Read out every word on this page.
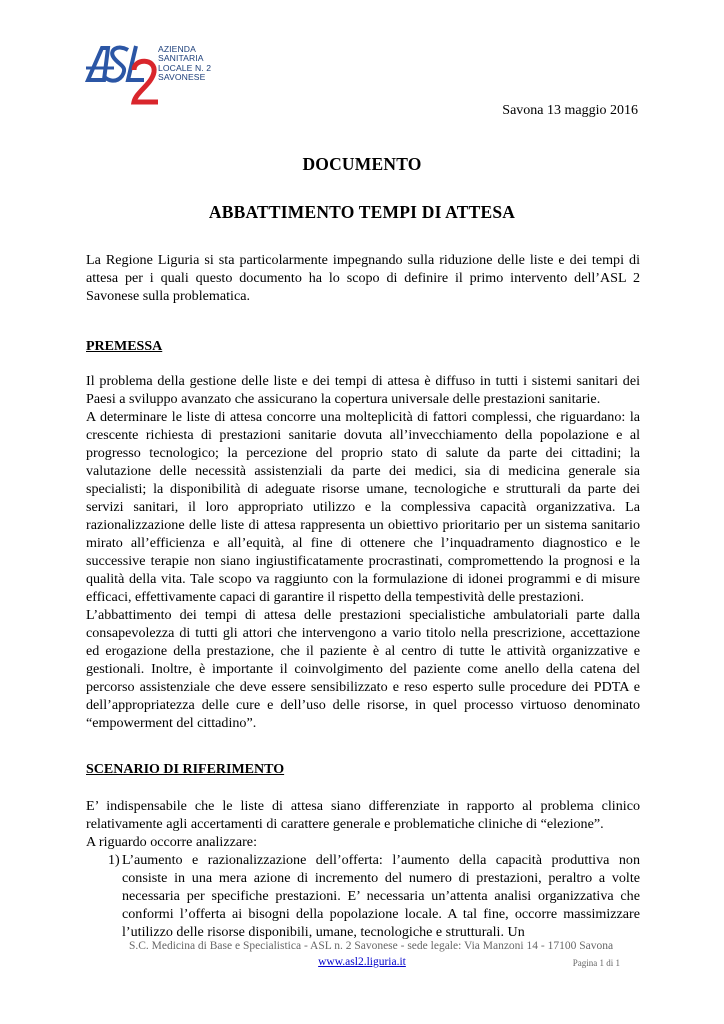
AZIENDA
SANITARIA
LOCALE N. 2
SAVONESE
Savona 13 maggio 2016
DOCUMENTO
ABBATTIMENTO TEMPI DI ATTESA

La Regione Liguria si sta particolarmente impegnando sulla riduzione delle liste e dei tempi di attesa per i quali questo documento ha lo scopo di definire il primo intervento dell’ASL 2 Savonese sulla problematica.

PREMESSA

Il problema della gestione delle liste e dei tempi di attesa è diffuso in tutti i sistemi sanitari dei Paesi a sviluppo avanzato che assicurano la copertura universale delle prestazioni sanitarie.

A determinare le liste di attesa concorre una molteplicità di fattori complessi, che riguardano: la crescente richiesta di prestazioni sanitarie dovuta all’invecchiamento della popolazione e al progresso tecnologico; la percezione del proprio stato di salute da parte dei cittadini; la valutazione delle necessità assistenziali da parte dei medici, sia di medicina generale sia specialisti; la disponibilità di adeguate risorse umane, tecnologiche e strutturali da parte dei servizi sanitari, il loro appropriato utilizzo e la complessiva capacità organizzativa. La razionalizzazione delle liste di attesa rappresenta un obiettivo prioritario per un sistema sanitario mirato all’efficienza e all’equità, al fine di ottenere che l’inquadramento diagnostico e le successive terapie non siano ingiustificatamente procrastinati, compromettendo la prognosi e la qualità della vita. Tale scopo va raggiunto con la formulazione di idonei programmi e di misure efficaci, effettivamente capaci di garantire il rispetto della tempestività delle prestazioni.

L’abbattimento dei tempi di attesa delle prestazioni specialistiche ambulatoriali parte dalla consapevolezza di tutti gli attori che intervengono a vario titolo nella prescrizione, accettazione ed erogazione della prestazione, che il paziente è al centro di tutte le attività organizzative e gestionali. Inoltre, è importante il coinvolgimento del paziente come anello della catena del percorso assistenziale che deve essere sensibilizzato e reso esperto sulle procedure dei PDTA e dell’appropriatezza delle cure e dell’uso delle risorse, in quel processo virtuoso denominato “empowerment del cittadino”.

SCENARIO DI RIFERIMENTO

E’ indispensabile che le liste di attesa siano differenziate in rapporto al problema clinico relativamente agli accertamenti di carattere generale e problematiche cliniche di “elezione”.

A riguardo occorre analizzare:

1) L’aumento e razionalizzazione dell’offerta: l’aumento della capacità produttiva non consiste in una mera azione di incremento del numero di prestazioni, peraltro a volte necessaria per specifiche prestazioni. E’ necessaria un’attenta analisi organizzativa che conformi l’offerta ai bisogni della popolazione locale. A tal fine, occorre massimizzare l’utilizzo delle risorse disponibili, umane, tecnologiche e strutturali. Un

S.C. Medicina di Base e Specialistica - ASL n. 2 Savonese - sede legale: Via Manzoni 14 - 17100 Savona
www.asl2.liguria.it	Pagina 1 di 1
